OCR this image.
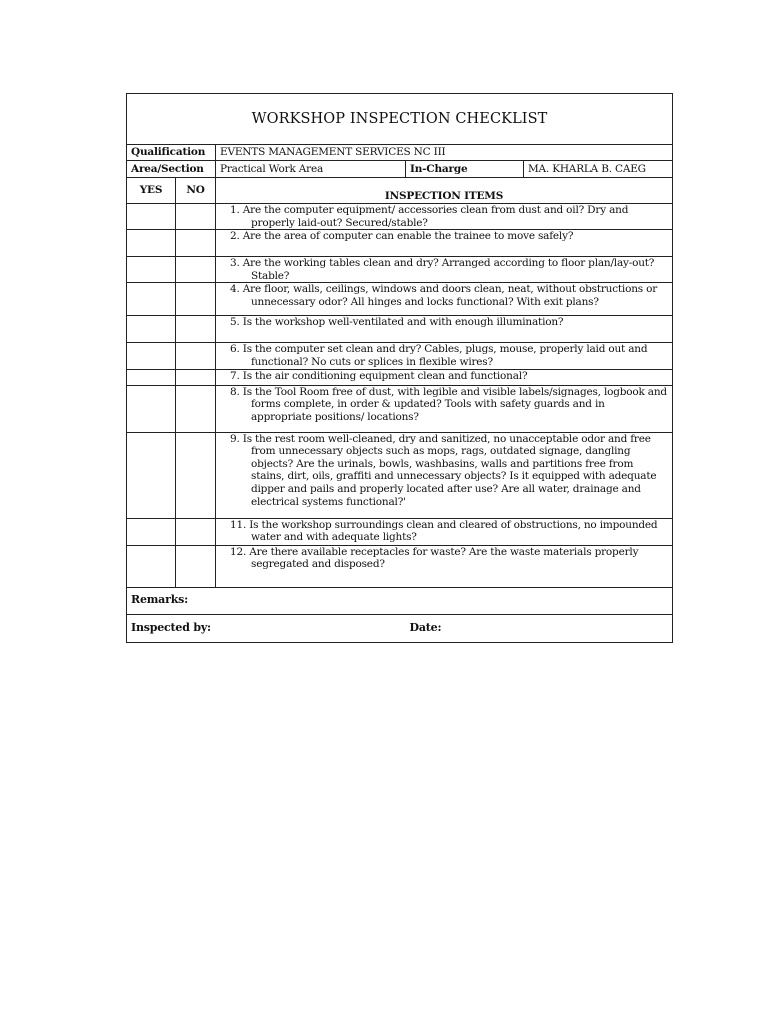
WORKSHOP INSPECTION CHECKLIST				
Qualification		EVENTS MANAGEMENT SERVICES NC III		
Area/Section		Practical Work Area	In-Charge	MA. KHARLA B. CAEG
YES	NO	INSPECTION ITEMS		

		1. Are the computer equipment/ accessories clean from dust and oil? Dry and properly laid-out? Secured/stable?		

		2. Are the area of computer can enable the trainee to move safely?		

		3. Are the working tables clean and dry? Arranged according to floor plan/lay-out? Stable?		

		4. Are floor, walls, ceilings, windows and doors clean, neat, without obstructions or unnecessary odor? All hinges and locks functional? With exit plans?		

		5. Is the workshop well-ventilated and with enough illumination?		

		6. Is the computer set clean and dry? Cables, plugs, mouse, properly laid out and functional? No cuts or splices in flexible wires?		

		7. Is the air conditioning equipment clean and functional?		

		8. Is the Tool Room free of dust, with legible and visible labels/signages, logbook and forms complete, in order & updated? Tools with safety guards and in appropriate positions/ locations?		

		9. Is the rest room well-cleaned, dry and sanitized, no unacceptable odor and free from unnecessary objects such as mops, rags, outdated signage, dangling objects? Are the urinals, bowls, washbasins, walls and partitions free from stains, dirt, oils, graffiti and unnecessary objects? Is it equipped with adequate dipper and pails and properly located after use? Are all water, drainage and electrical systems functional?'		

		11. Is the workshop surroundings clean and cleared of obstructions, no impounded water and with adequate lights?		

		12. Are there available receptacles for waste? Are the waste materials properly segregated and disposed?		

Remarks:				
Inspected by:			Date:	
